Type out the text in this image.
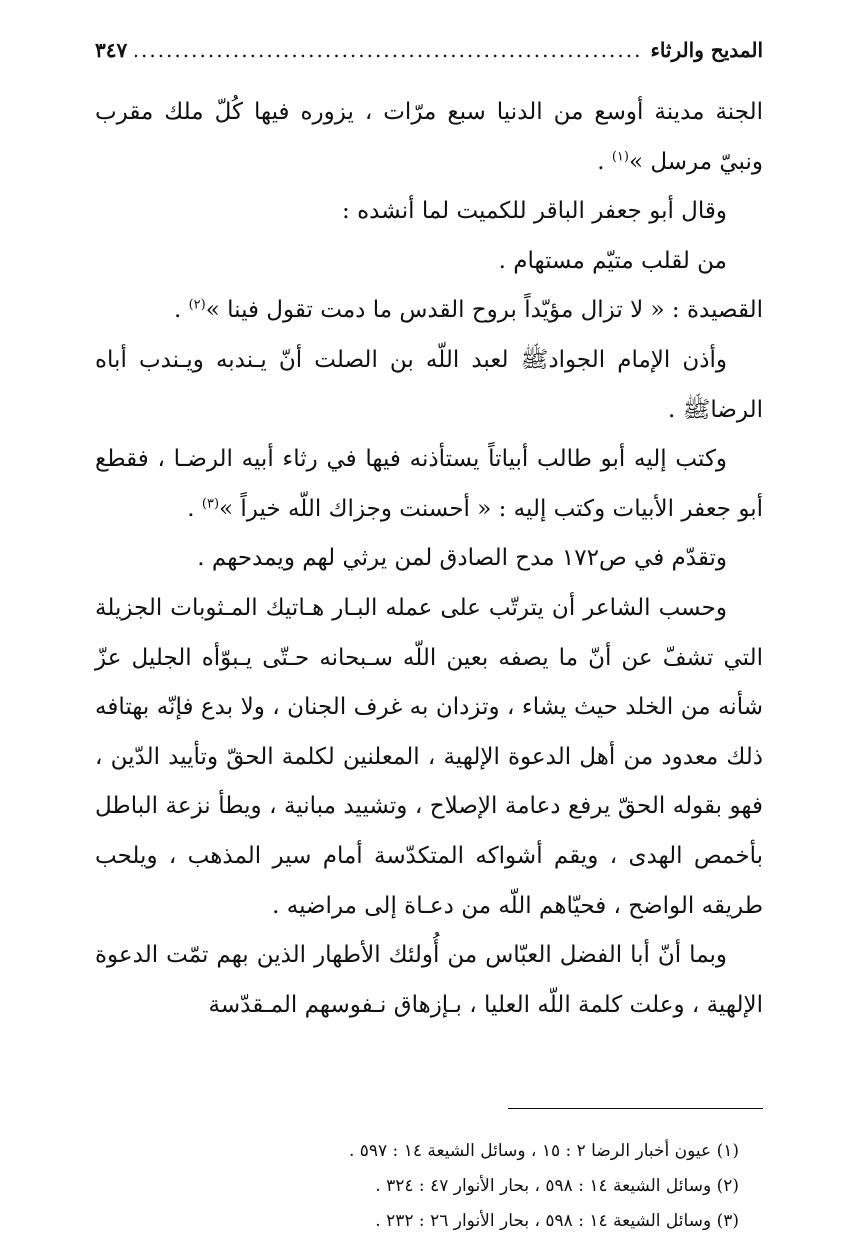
المديح والرثاء
.....
٣٤٧

الجنة مدينة أوسع من الدنيا سبع مرّات ، يزوره فيها كُلّ ملك مقرب ونبيّ مرسل »$^{(١)}$ .

وقال أبو جعفر الباقر للكميت لما أنشده :

من لقلب متيّم مستهام .

القصيدة : « لا تزال مؤيّداً بروح القدس ما دمت تقول فينا »$^{(٢)}$ .

وأذن الإمام الجوادﷺ لعبد اللّه بن الصلت أنّ يـندبه ويـندب أباه الرضاﷺ .

وكتب إليه أبو طالب أبياتاً يستأذنه فيها في رثاء أبيه الرضـا ، فقطع أبو جعفر الأبيات وكتب إليه : « أحسنت وجزاك اللّه خيراً »$^{(٣)}$ .

وتقدّم في ص١٧٢ مدح الصادق لمن يرثي لهم ويمدحهم .

وحسب الشاعر أن يترتّب على عمله البـار هـاتيك المـثوبات الجزيلة التي تشفّ عن أنّ ما يصفه بعين اللّه سـبحانه حـتّى يـبوّأه الجليل عزّ شأنه من الخلد حيث يشاء ، وتزدان به غرف الجنان ، ولا بدع فإنّه بهتافه ذلك معدود من أهل الدعوة الإلهية ، المعلنين لكلمة الحقّ وتأييد الدّين ، فهو بقوله الحقّ يرفع دعامة الإصلاح ، وتشييد مبانية ، ويطأ نزعة الباطل بأخمص الهدى ، ويقم أشواكه المتكدّسة أمام سير المذهب ، ويلحب طريقه الواضح ، فحيّاهم اللّه من دعـاة إلى مراضيه .

وبما أنّ أبا الفضل العبّاس من أُولئك الأطهار الذين بهم تمّت الدعوة الإلهية ، وعلت كلمة اللّه العليا ، بـإزهاق نـفوسهم المـقدّسة

(١) عيون أخبار الرضا ٢ : ١٥ ، وسائل الشيعة ١٤ : ٥٩٧ .

(٢) وسائل الشيعة ١٤ : ٥٩٨ ، بحار الأنوار ٤٧ : ٣٢٤ .

(٣) وسائل الشيعة ١٤ : ٥٩٨ ، بحار الأنوار ٢٦ : ٢٣٢ .
